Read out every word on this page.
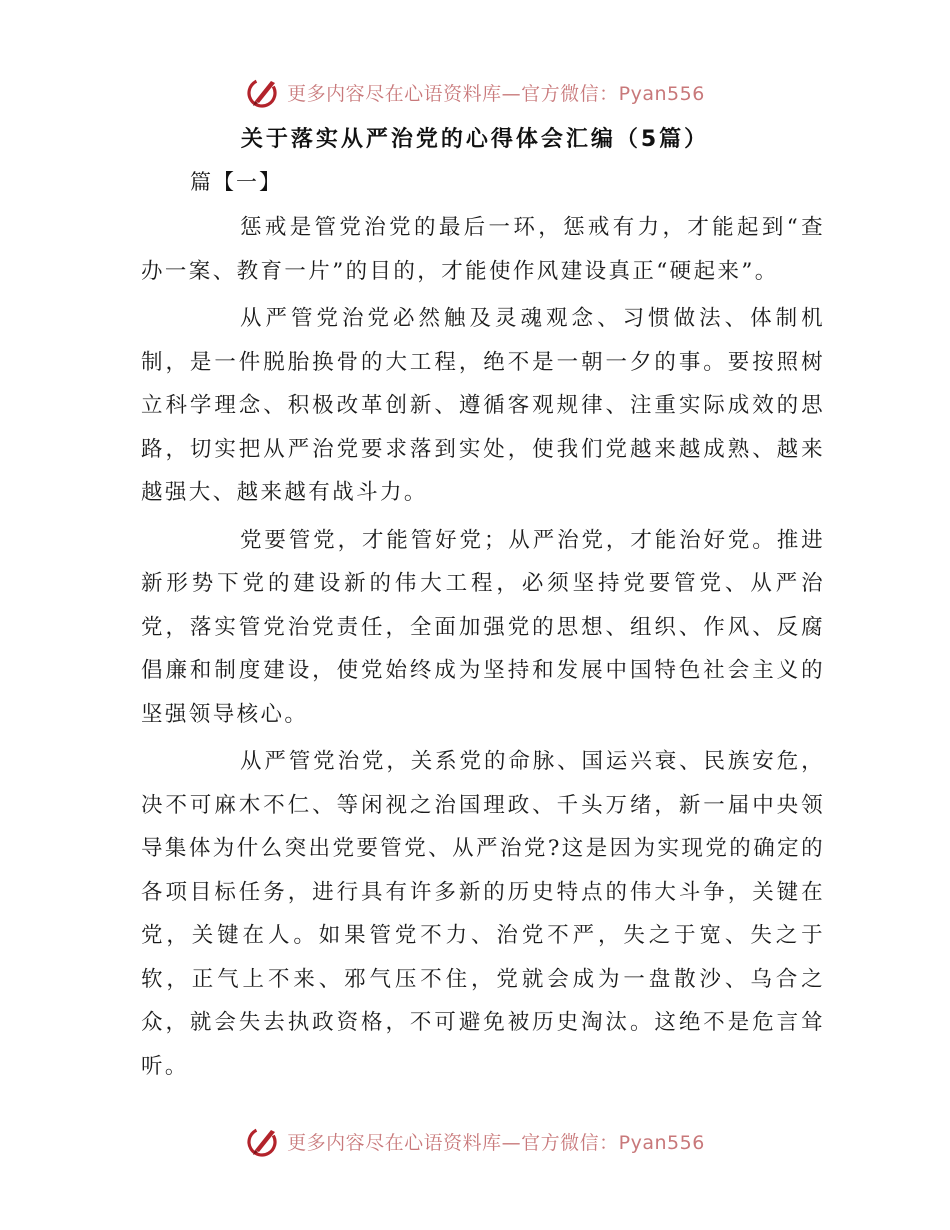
更多内容尽在心语资料库—官方微信：Pyan556
关于落实从严治党的心得体会汇编（5篇）
篇【一】

惩戒是管党治党的最后一环，惩戒有力，才能起到“查办一案、教育一片”的目的，才能使作风建设真正“硬起来”。

从严管党治党必然触及灵魂观念、习惯做法、体制机制，是一件脱胎换骨的大工程，绝不是一朝一夕的事。要按照树立科学理念、积极改革创新、遵循客观规律、注重实际成效的思路，切实把从严治党要求落到实处，使我们党越来越成熟、越来越强大、越来越有战斗力。

党要管党，才能管好党；从严治党，才能治好党。推进新形势下党的建设新的伟大工程，必须坚持党要管党、从严治党，落实管党治党责任，全面加强党的思想、组织、作风、反腐倡廉和制度建设，使党始终成为坚持和发展中国特色社会主义的坚强领导核心。

从严管党治党，关系党的命脉、国运兴衰、民族安危，决不可麻木不仁、等闲视之治国理政、千头万绪，新一届中央领导集体为什么突出党要管党、从严治党?这是因为实现党的确定的各项目标任务，进行具有许多新的历史特点的伟大斗争，关键在党，关键在人。如果管党不力、治党不严，失之于宽、失之于软，正气上不来、邪气压不住，党就会成为一盘散沙、乌合之众，就会失去执政资格，不可避免被历史淘汰。这绝不是危言耸听。

更多内容尽在心语资料库—官方微信：Pyan556
